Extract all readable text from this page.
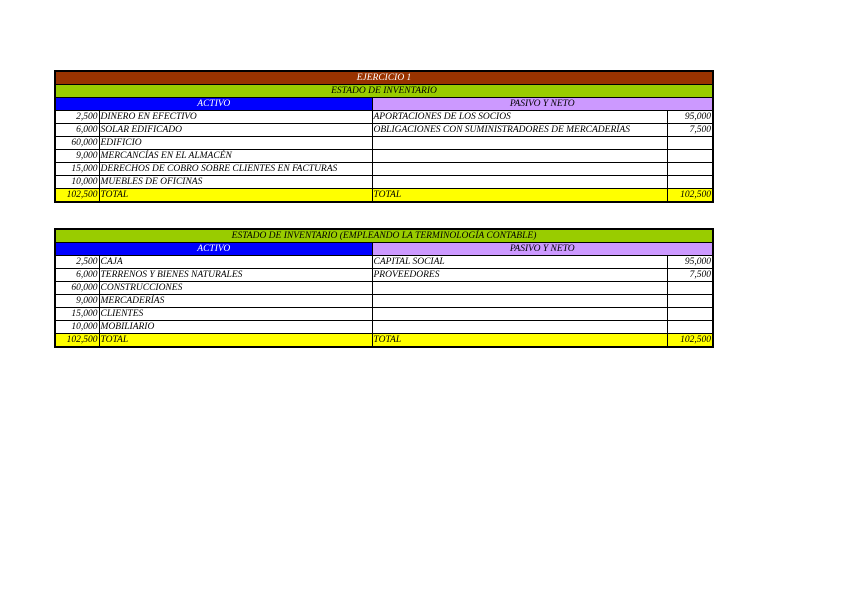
EJERCICIO 1			
ESTADO DE INVENTARIO			
ACTIVO		PASIVO Y NETO	
2,500	DINERO EN EFECTIVO	APORTACIONES DE LOS SOCIOS	95,000
6,000	SOLAR EDIFICADO	OBLIGACIONES CON SUMINISTRADORES DE MERCADERÍAS	7,500
60,000	EDIFICIO		
9,000	MERCANCÍAS EN EL ALMACÉN		
15,000	DERECHOS DE COBRO SOBRE CLIENTES EN FACTURAS		
10,000	MUEBLES DE OFICINAS		
102,500	TOTAL	TOTAL	102,500
ESTADO DE INVENTARIO (EMPLEANDO LA TERMINOLOGÍA CONTABLE)			
ACTIVO		PASIVO Y NETO	
2,500	CAJA	CAPITAL SOCIAL	95,000
6,000	TERRENOS Y BIENES NATURALES	PROVEEDORES	7,500
60,000	CONSTRUCCIONES		
9,000	MERCADERÍAS		
15,000	CLIENTES		
10,000	MOBILIARIO		
102,500	TOTAL	TOTAL	102,500
